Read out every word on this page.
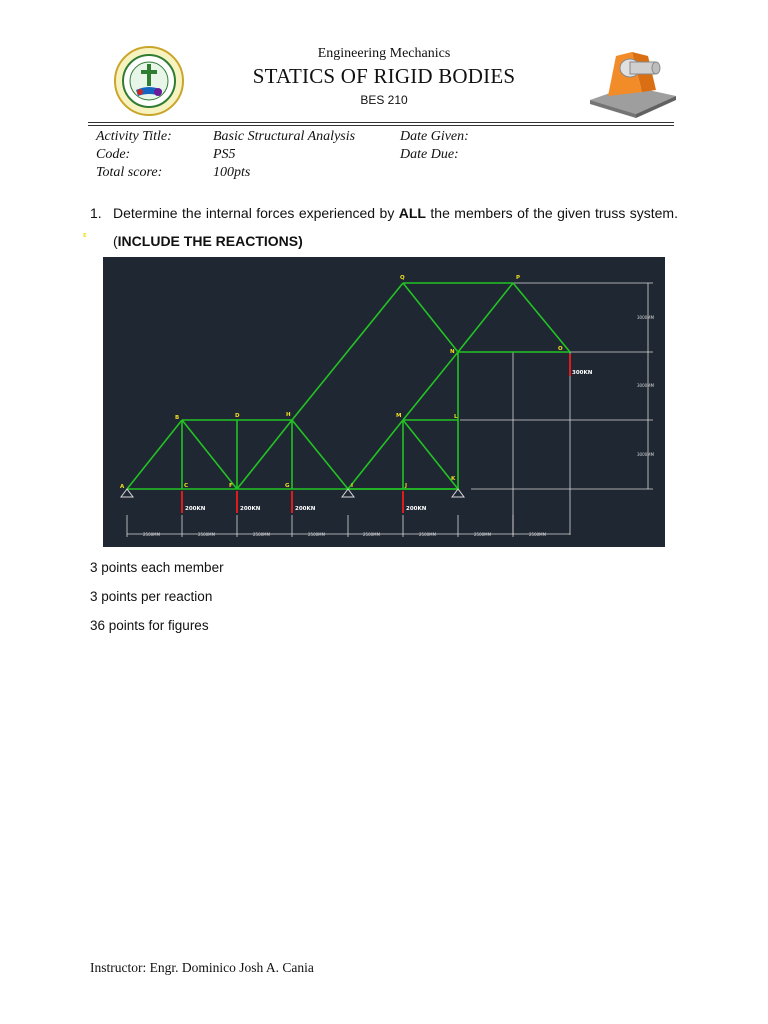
Engineering Mechanics
STATICS OF RIGID BODIES
BES 210
Activity Title:	Basic Structural Analysis	Date Given:
Code:	PS5	Date Due:
Total score:	100pts
1. Determine the internal forces experienced by ALL the members of the given truss system. (INCLUDE THE REACTIONS)
200KN	200KN	200KN	200KN
300KN
A
B
C
D
E
F	G
H
I	J
K
L
M
N	O
P
Q
2500MM	2500MM	2500MM	2500MM	2500MM	2500MM	2500MM	2500MM
3000MM
3000MM
3000MM
3 points each member
3 points per reaction
36 points for figures
Instructor: Engr. Dominico Josh A. Cania
